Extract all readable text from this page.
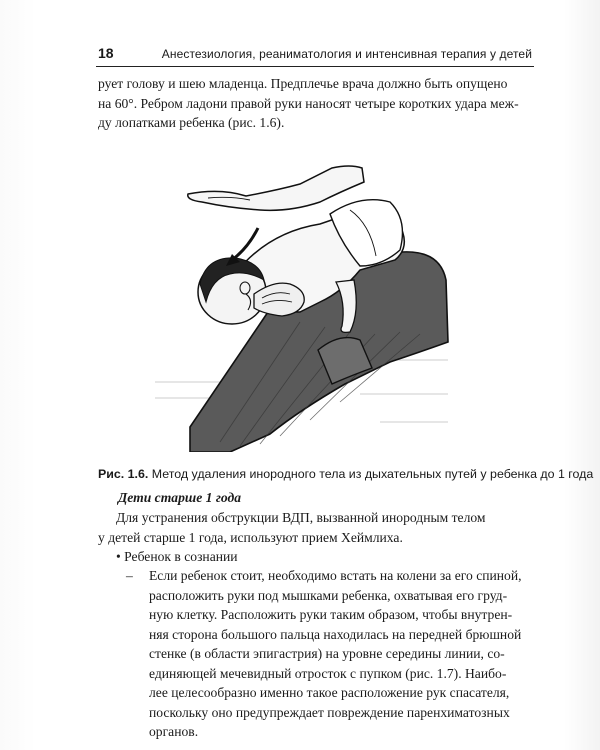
18	Анестезиология, реаниматология и интенсивная терапия у детей
рует голову и шею младенца. Предплечье врача должно быть опущено
на 60°. Ребром ладони правой руки наносят четыре коротких удара меж-
ду лопатками ребенка (рис. 1.6).
Рис. 1.6. Метод удаления инородного тела из дыхательных путей у ребенка до 1 года
Дети старше 1 года
Для устранения обструкции ВДП, вызванной инородным телом
у детей старше 1 года, используют прием Хеймлиха.
• Ребенок в сознании
– Если ребенок стоит, необходимо встать на колени за его спиной,
расположить руки под мышками ребенка, охватывая его груд-
ную клетку. Расположить руки таким образом, чтобы внутрен-
няя сторона большого пальца находилась на передней брюшной
стенке (в области эпигастрия) на уровне середины линии, со-
единяющей мечевидный отросток с пупком (рис. 1.7). Наибо-
лее целесообразно именно такое расположение рук спасателя,
поскольку оно предупреждает повреждение паренхиматозных
органов.
